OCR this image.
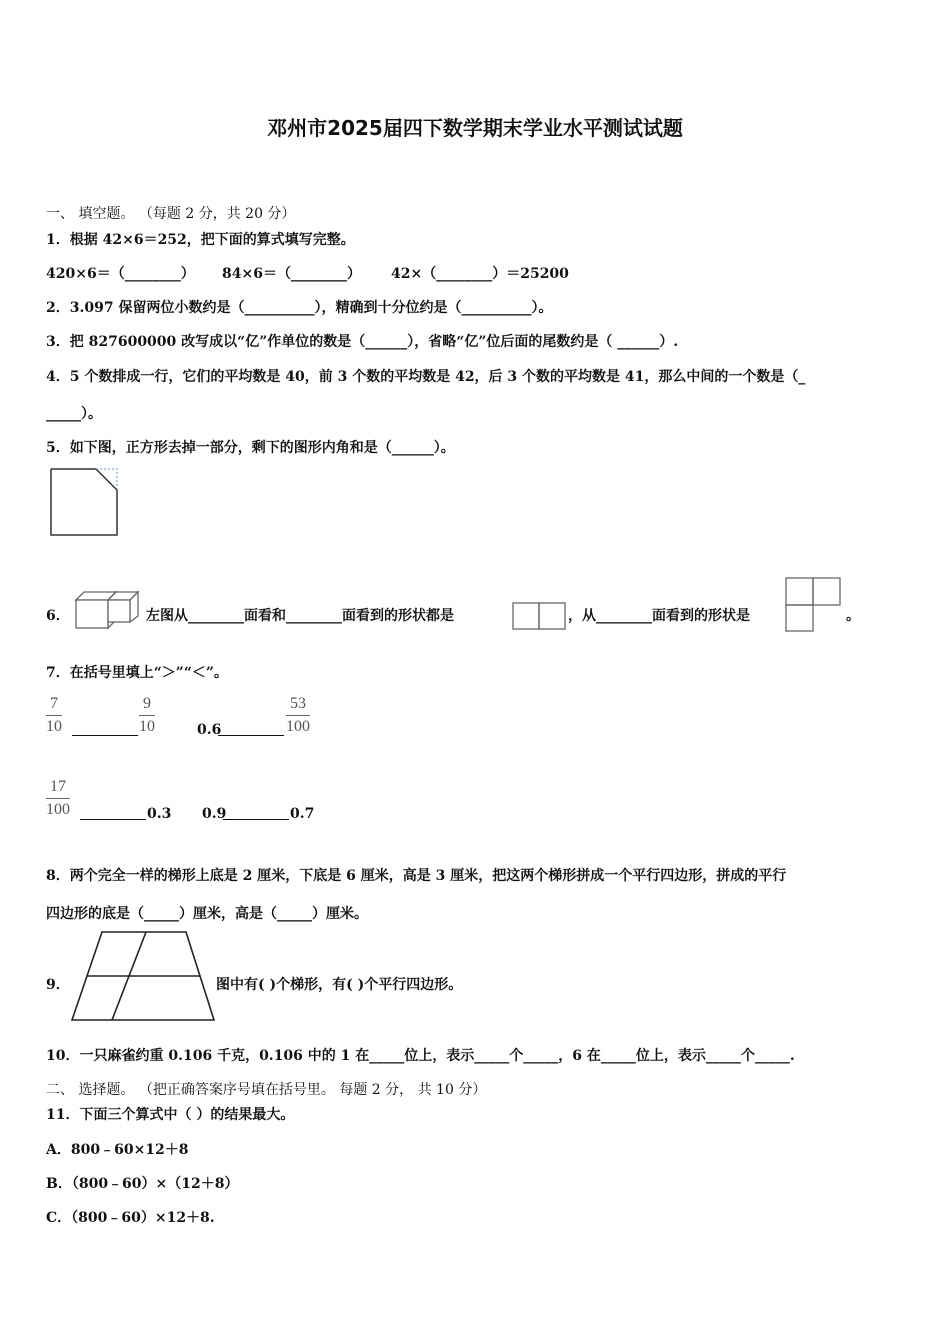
邓州市2025届四下数学期末学业水平测试试题
一、 填空题。 （每题 2 分，共 20 分）
1．根据 42×6＝252，把下面的算式填写完整。
420×6＝（________） 84×6＝（________） 42×（________）＝25200
2．3.097 保留两位小数约是（__________），精确到十分位约是（__________）。
3．把 827600000 改写成以“亿”作单位的数是（______），省略“亿”位后面的尾数约是（ ______）.
4．5 个数排成一行，它们的平均数是 40，前 3 个数的平均数是 42，后 3 个数的平均数是 41，那么中间的一个数是（_
_____）。
5．如下图，正方形去掉一部分，剩下的图形内角和是（______）。
6．	左图从________面看和________面看到的形状都是	，从________面看到的形状是	。
7．在括号里填上“＞”“＜”。
$\frac{7}{10}$	$\frac{9}{10}$	0.6	$\frac{53}{100}$
$\frac{17}{100}$	0.3 0.9	0.7
8．两个完全一样的梯形上底是 2 厘米，下底是 6 厘米，高是 3 厘米，把这两个梯形拼成一个平行四边形，拼成的平行
四边形的底是（_____）厘米，高是（_____）厘米。
9．	图中有( )个梯形，有( )个平行四边形。
10．一只麻雀约重 0.106 千克，0.106 中的 1 在_____位上，表示_____个_____，6 在_____位上，表示_____个_____.
二、 选择题。 （把正确答案序号填在括号里。 每题 2 分， 共 10 分）
11．下面三个算式中（ ）的结果最大。
A．800﹣60×12＋8
B．（800﹣60）×（12＋8）
C．（800﹣60）×12＋8.
